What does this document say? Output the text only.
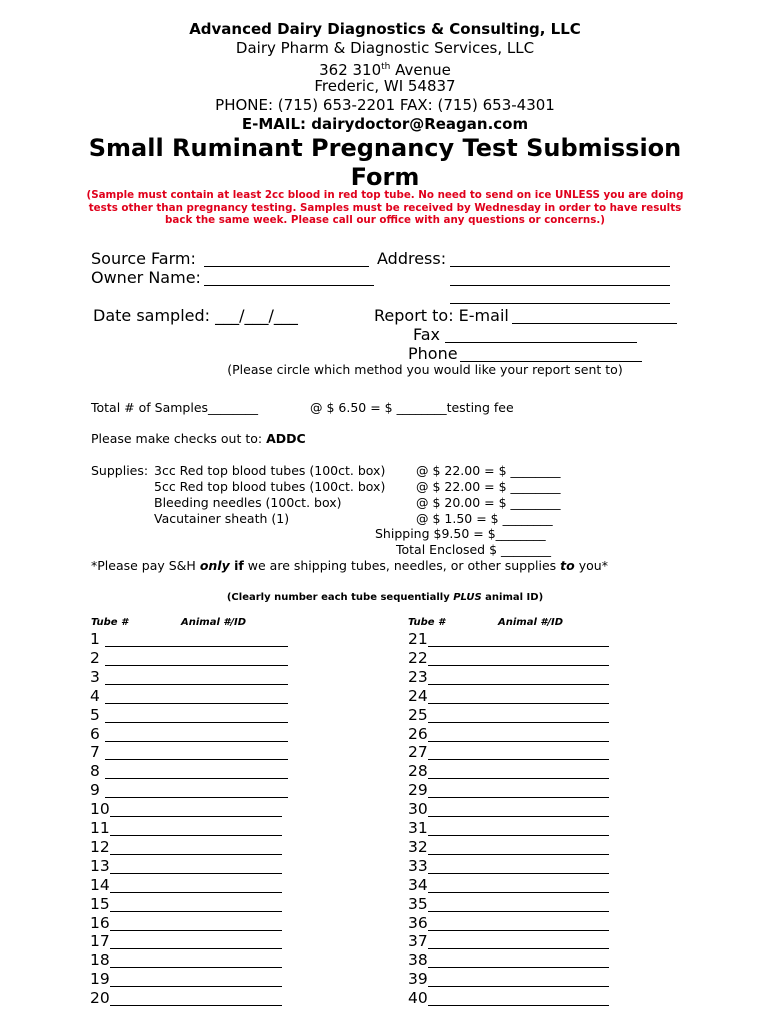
Advanced Dairy Diagnostics & Consulting, LLC
Dairy Pharm & Diagnostic Services, LLC
362 310th Avenue
Frederic, WI 54837
PHONE: (715) 653-2201 FAX: (715) 653-4301
E-MAIL: dairydoctor@Reagan.com
Small Ruminant Pregnancy Test Submission
Form
(Sample must contain at least 2cc blood in red top tube. No need to send on ice UNLESS you are doing
tests other than pregnancy testing. Samples must be received by Wednesday in order to have results
back the same week. Please call our office with any questions or concerns.)
Source Farm:	Address:
Owner Name:
Date sampled: ___/___/___	Report to: E-mail
Fax
Phone
(Please circle which method you would like your report sent to)
Total # of Samples________	@ $ 6.50 = $ ________testing fee
Please make checks out to: ADDC
Supplies: 3cc Red top blood tubes (100ct. box) @ $ 22.00 = $ ________
5cc Red top blood tubes (100ct. box) @ $ 22.00 = $ ________
Bleeding needles (100ct. box)	@ $ 20.00 = $ ________
Vacutainer sheath (1)	@ $ 1.50 = $ ________
Shipping $9.50 = $________
Total Enclosed $ ________
*Please pay S&H only if we are shipping tubes, needles, or other supplies to you*
(Clearly number each tube sequentially PLUS animal ID)
Tube #	Animal #/ID	Tube #	Animal #/ID
1
2
3
4
5
6
7
8
9
10
11
12
13
14
15
16
17
18
19
20
21
22
23
24
25
26
27
28
29
30
31
32
33
34
35
36
37
38
39
40
